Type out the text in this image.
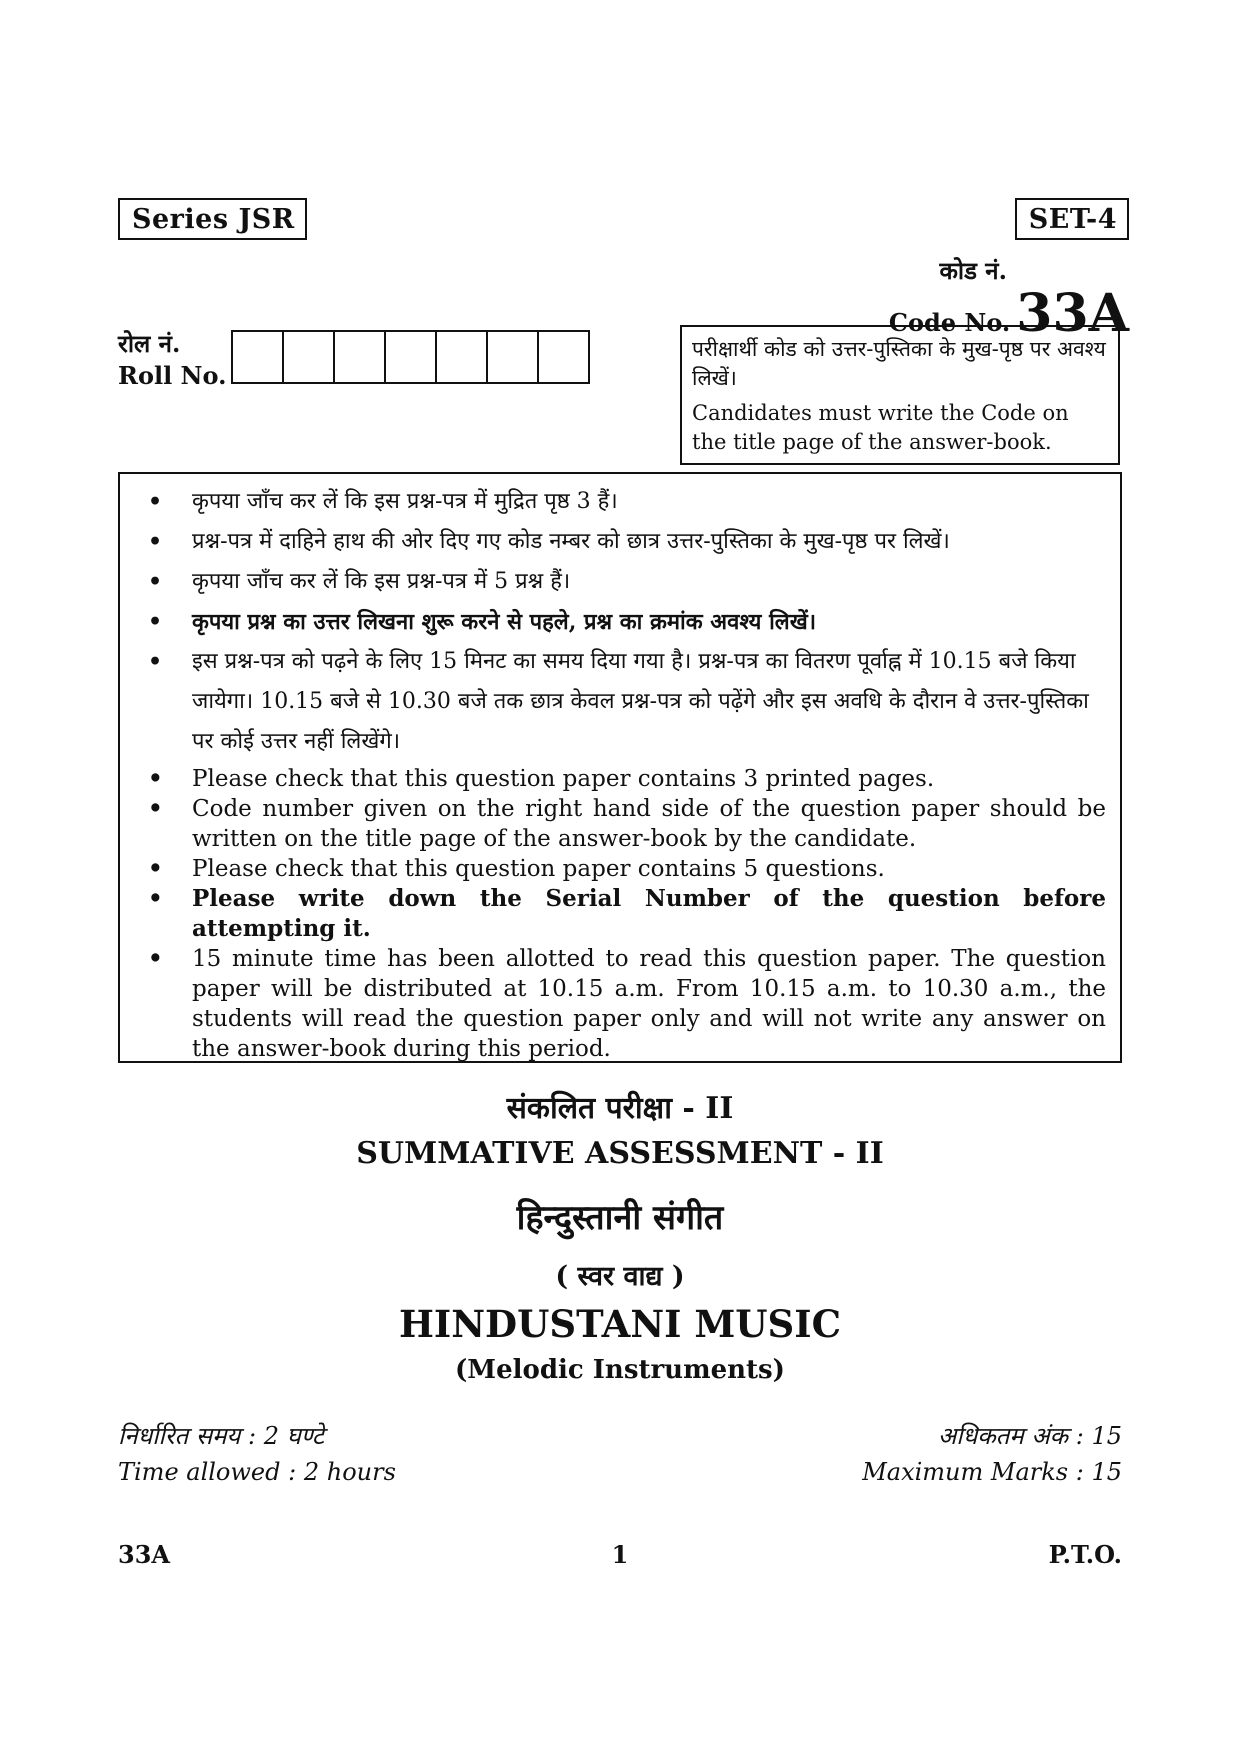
Series JSR	SET-4
कोड नं.
Code No. 33A
रोल नं.
Roll No.

परीक्षार्थी कोड को उत्तर-पुस्तिका के मुख-पृष्ठ पर अवश्य लिखें।

Candidates must write the Code on the title page of the answer-book.

• कृपया जाँच कर लें कि इस प्रश्न-पत्र में मुद्रित पृष्ठ 3 हैं।
• प्रश्न-पत्र में दाहिने हाथ की ओर दिए गए कोड नम्बर को छात्र उत्तर-पुस्तिका के मुख-पृष्ठ पर लिखें।
• कृपया जाँच कर लें कि इस प्रश्न-पत्र में 5 प्रश्न हैं।
• कृपया प्रश्न का उत्तर लिखना शुरू करने से पहले, प्रश्न का क्रमांक अवश्य लिखें।
• इस प्रश्न-पत्र को पढ़ने के लिए 15 मिनट का समय दिया गया है। प्रश्न-पत्र का वितरण पूर्वाह्न में 10.15 बजे किया जायेगा। 10.15 बजे से 10.30 बजे तक छात्र केवल प्रश्न-पत्र को पढ़ेंगे और इस अवधि के दौरान वे उत्तर-पुस्तिका पर कोई उत्तर नहीं लिखेंगे।
• Please check that this question paper contains 3 printed pages.
• Code number given on the right hand side of the question paper should be written on the title page of the answer-book by the candidate.
• Please check that this question paper contains 5 questions.
• Please write down the Serial Number of the question before attempting it.
• 15 minute time has been allotted to read this question paper. The question paper will be distributed at 10.15 a.m. From 10.15 a.m. to 10.30 a.m., the students will read the question paper only and will not write any answer on the answer-book during this period.
संकलित परीक्षा - II
SUMMATIVE ASSESSMENT - II
हिन्दुस्तानी संगीत
( स्वर वाद्य )
HINDUSTANI MUSIC
(Melodic Instruments)
निर्धारित समय : 2 घण्टे
Time allowed : 2 hours
अधिकतम अंक : 15
Maximum Marks : 15
33A	1	P.T.O.
